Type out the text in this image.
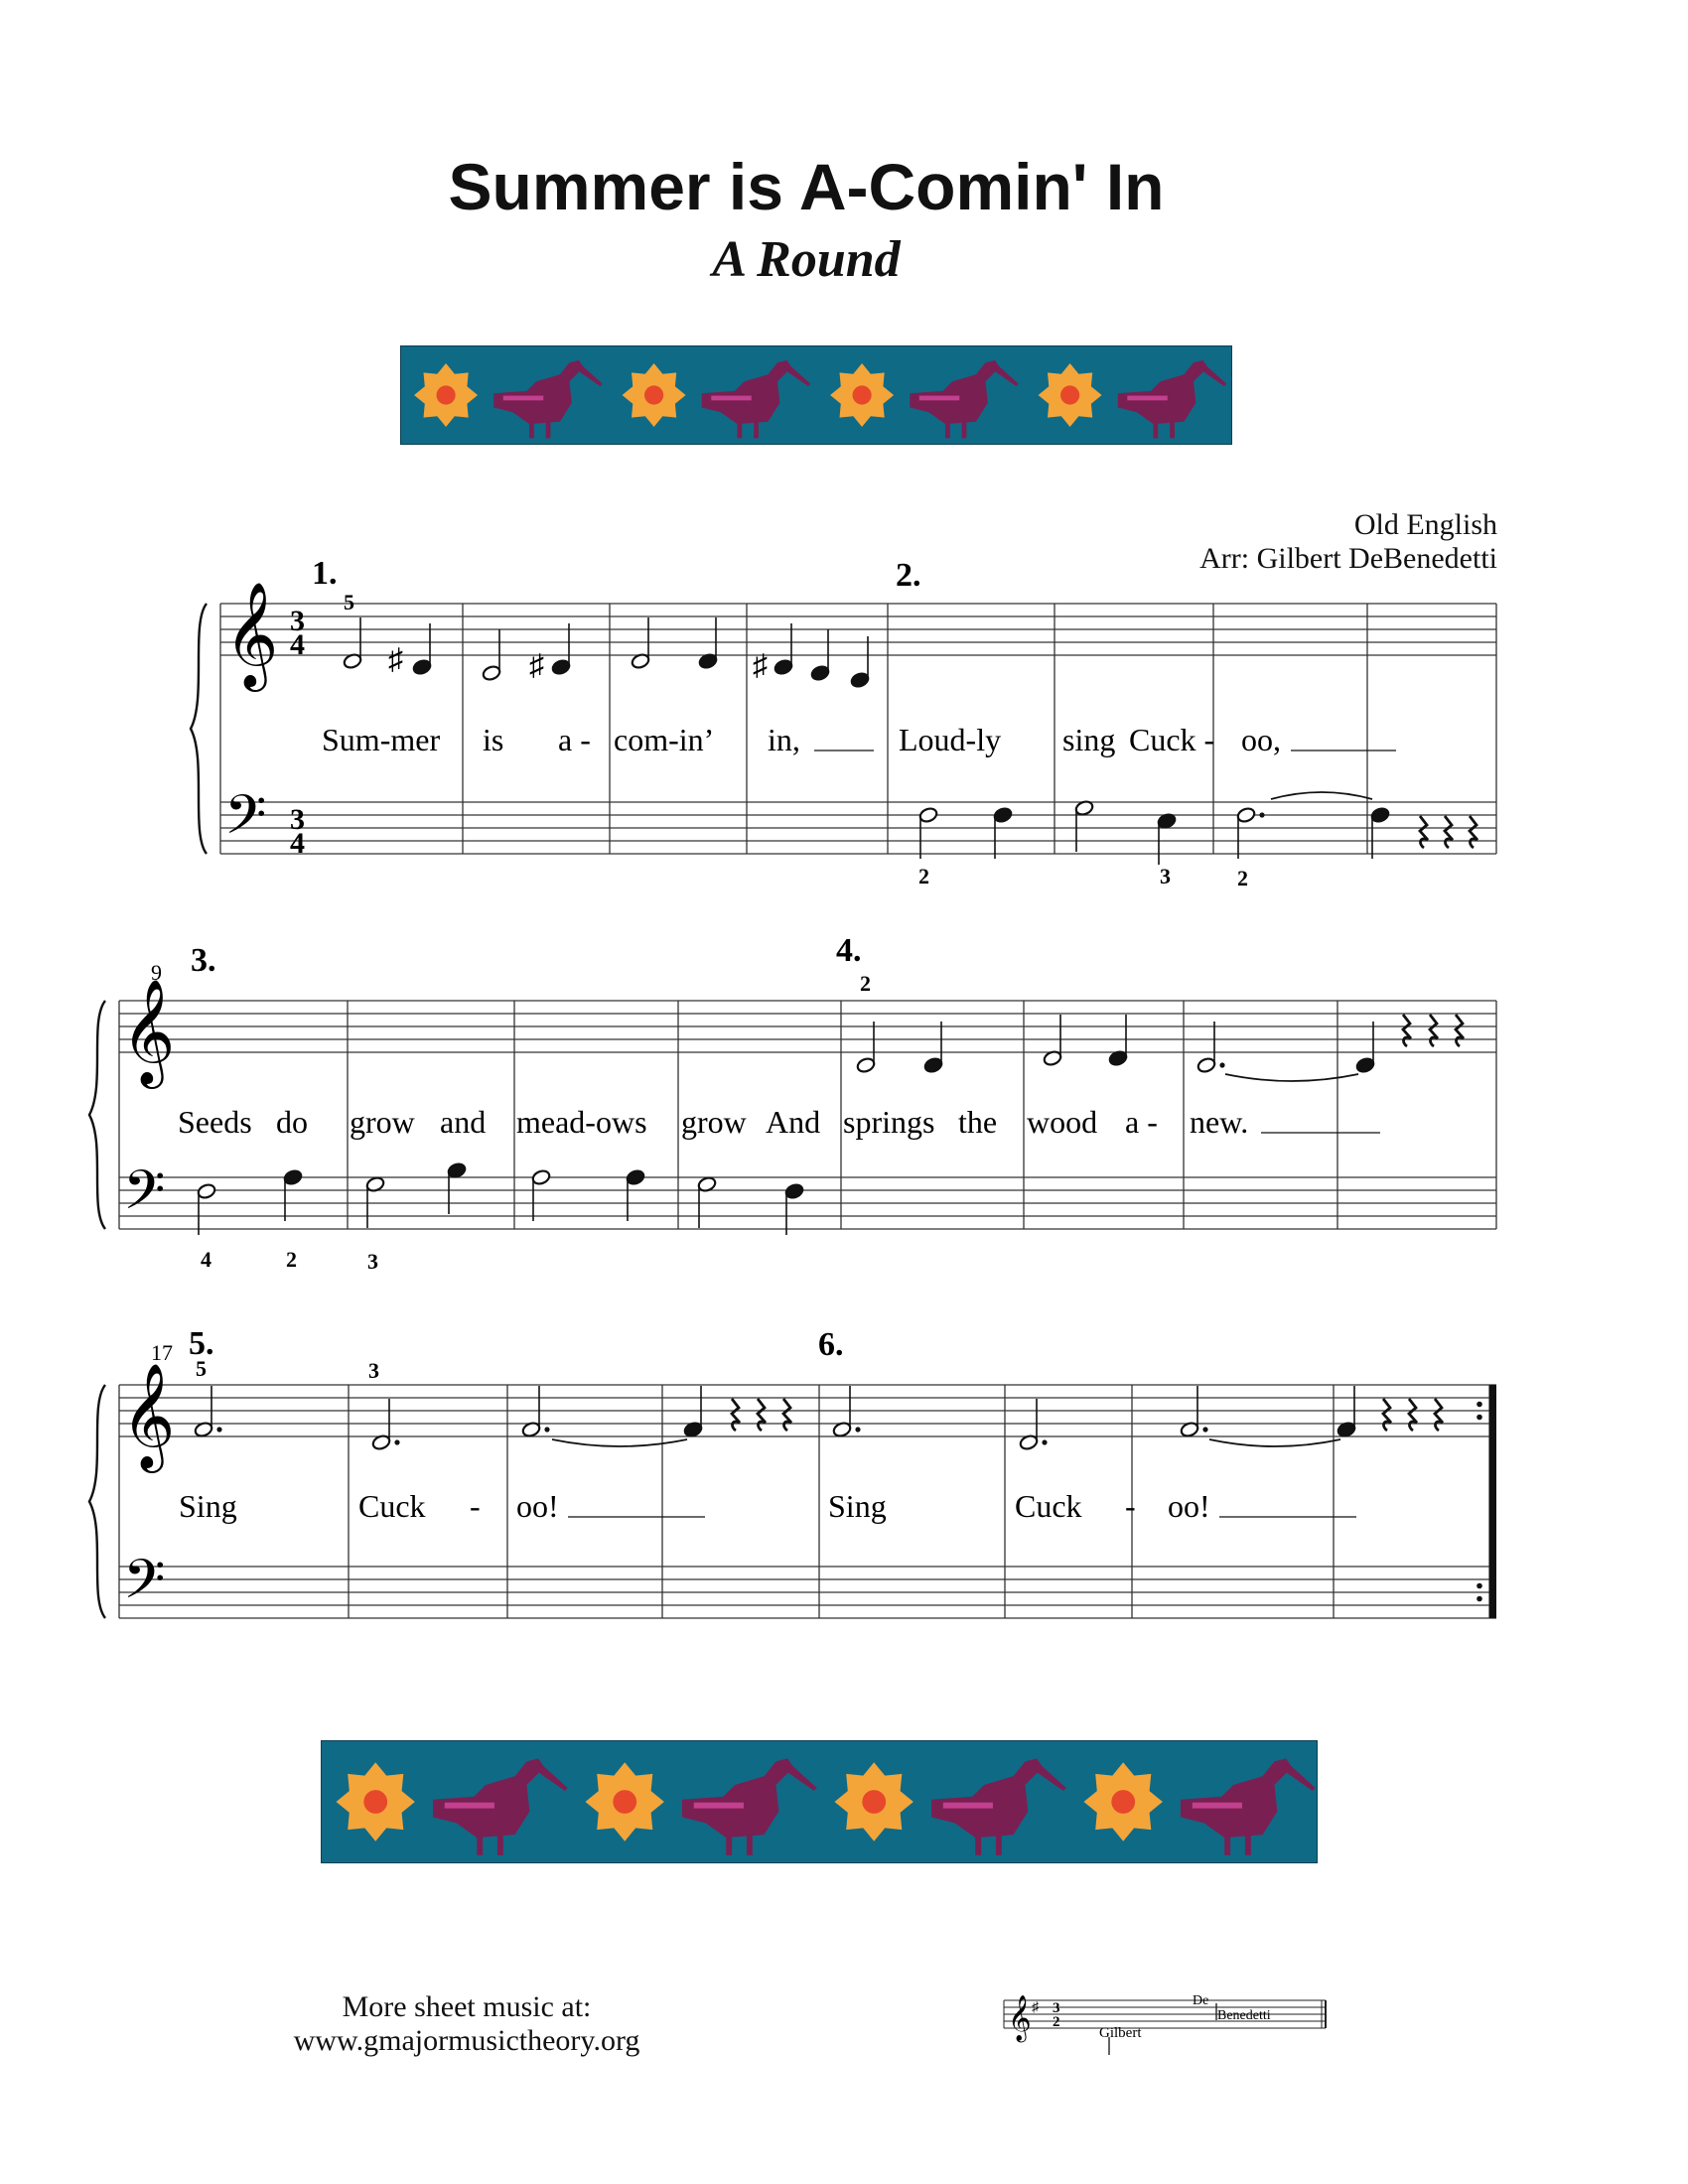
Summer is A-Comin' In
A Round
Old English
Arr: Gilbert DeBenedetti
𝄞
𝄢
3
4
3
4
1.	2.
5
♯	♯	♯
2	3	2
Sum-mer is a - com-in’ in,	Loud-ly sing Cuck - oo,
𝄞
𝄢
9 3.	4.
2
4	2	3
Seeds do grow and mead-ows grow And springs the wood a - new.
𝄞
𝄢
17 5.	6.
5	3
Sing	Cuck - oo!	Sing	Cuck - oo!
More sheet music at:
www.gmajormusictheory.org
𝄞 ♯ 3
2
Gilbert
De
Benedetti
